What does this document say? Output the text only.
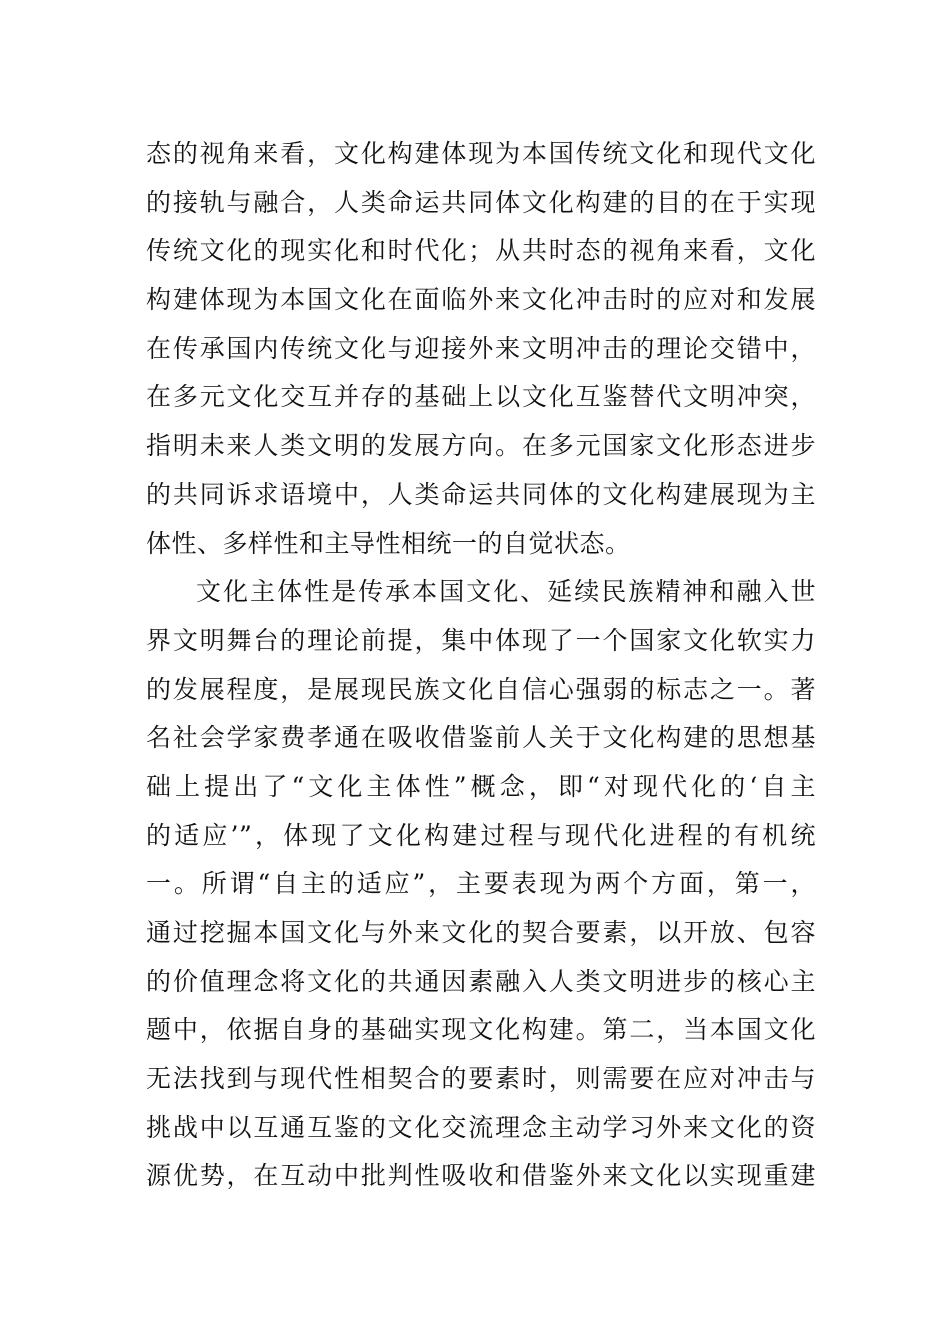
态的视角来看，文化构建体现为本国传统文化和现代文化
的接轨与融合，人类命运共同体文化构建的目的在于实现
传统文化的现实化和时代化；从共时态的视角来看，文化
构建体现为本国文化在面临外来文化冲击时的应对和发展
在传承国内传统文化与迎接外来文明冲击的理论交错中，
在多元文化交互并存的基础上以文化互鉴替代文明冲突，
指明未来人类文明的发展方向。在多元国家文化形态进步
的共同诉求语境中，人类命运共同体的文化构建展现为主
体性、多样性和主导性相统一的自觉状态。
文化主体性是传承本国文化、延续民族精神和融入世
界文明舞台的理论前提，集中体现了一个国家文化软实力
的发展程度，是展现民族文化自信心强弱的标志之一。著
名社会学家费孝通在吸收借鉴前人关于文化构建的思想基
础上提出了“文化主体性”概念，即“对现代化的‘自主
的适应’”，体现了文化构建过程与现代化进程的有机统
一。所谓“自主的适应”，主要表现为两个方面，第一，
通过挖掘本国文化与外来文化的契合要素，以开放、包容
的价值理念将文化的共通因素融入人类文明进步的核心主
题中，依据自身的基础实现文化构建。第二，当本国文化
无法找到与现代性相契合的要素时，则需要在应对冲击与
挑战中以互通互鉴的文化交流理念主动学习外来文化的资
源优势，在互动中批判性吸收和借鉴外来文化以实现重建
